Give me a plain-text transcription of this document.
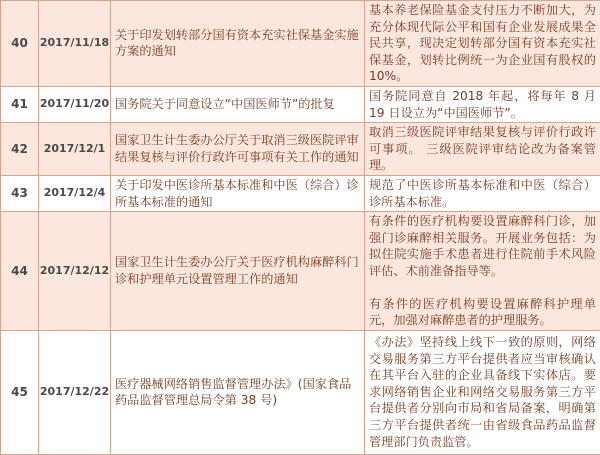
40	2017/11/18	关于印发划转部分国有资本充实社保基金实施方案的通知	基本养老保险基金支付压力不断加大，为充分体现代际公平和国有企业发展成果全民共享，现决定划转部分国有资本充实社保基金，划转比例统一为企业国有股权的10%。

41	2017/11/20	国务院关于同意设立“中国医师节”的批复	国务院同意自 2018 年起，将每年 8 月 19 日设立为“中国医师节”。

42	2017/12/1	国家卫生计生委办公厅关于取消三级医院评审结果复核与评价行政许可事项有关工作的通知	取消三级医院评审结果复核与评价行政许可事项。 三级医院评审结论改为备案管理。

43	2017/12/4	关于印发中医诊所基本标准和中医（综合）诊所基本标准的通知	规范了中医诊所基本标准和中医（综合）诊所基本标准。

44	2017/12/12	国家卫生计生委办公厅关于医疗机构麻醉科门诊和护理单元设置管理工作的通知	有条件的医疗机构要设置麻醉科门诊，加强门诊麻醉相关服务。开展业务包括：为拟住院实施手术患者进行住院前手术风险评估、术前准备指导等。
有条件的医疗机构要设置麻醉科护理单元，加强对麻醉患者的护理服务。

45	2017/12/22	医疗器械网络销售监督管理办法》(国家食品药品监督管理总局令第 38 号)	《办法》坚持线上线下一致的原则，网络交易服务第三方平台提供者应当审核确认在其平台入驻的企业具备线下实体店。要求网络销售企业和网络交易服务第三方平台提供者分别向市局和省局备案，明确第三方平台提供者统一由省级食品药品监督管理部门负责监管。
